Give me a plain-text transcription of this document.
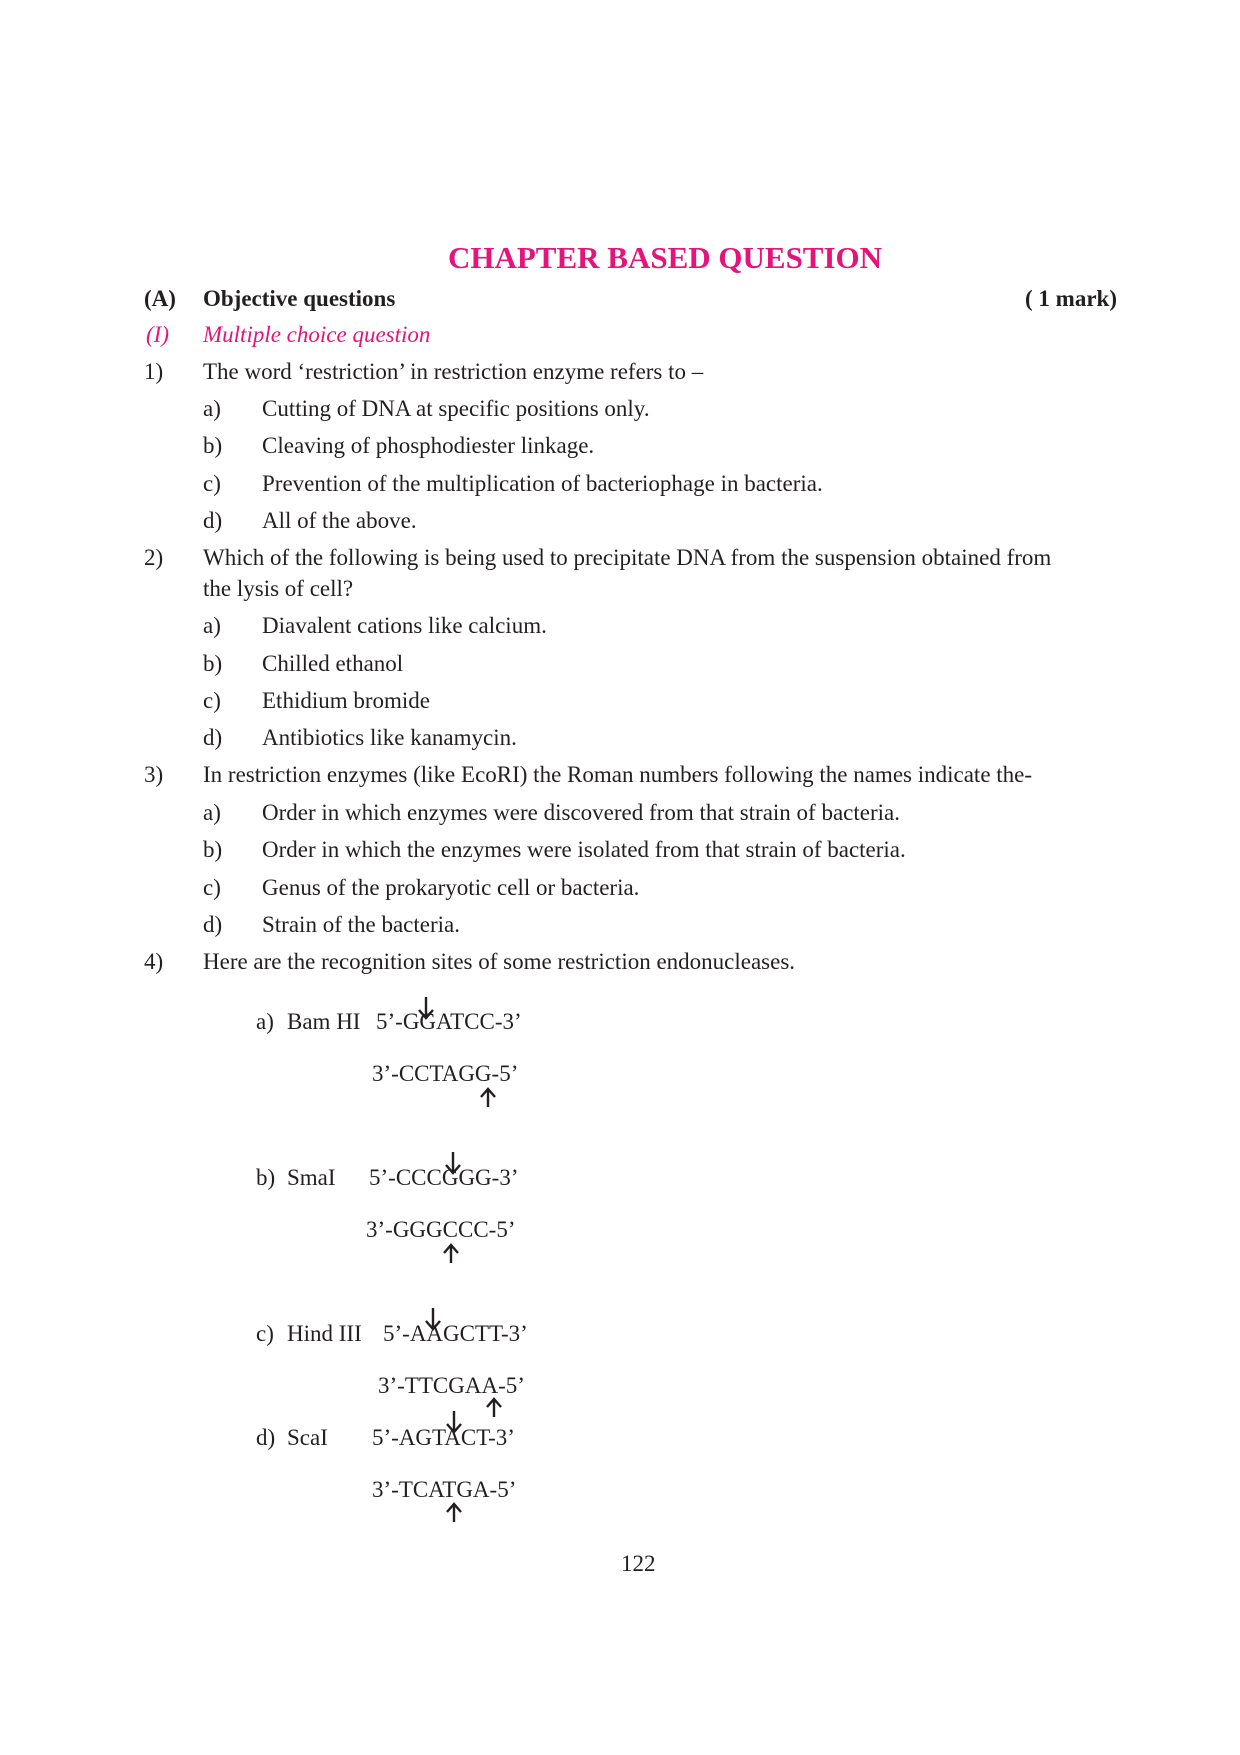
CHAPTER BASED QUESTION
(A) Objective questions	( 1 mark)
(I) Multiple choice question
1) The word ‘restriction’ in restriction enzyme refers to –
a) Cutting of DNA at specific positions only.
b) Cleaving of phosphodiester linkage.
c) Prevention of the multiplication of bacteriophage in bacteria.
d) All of the above.
2) Which of the following is being used to precipitate DNA from the suspension obtained from
the lysis of cell?
a) Diavalent cations like calcium.
b) Chilled ethanol
c) Ethidium bromide
d) Antibiotics like kanamycin.
3) In restriction enzymes (like EcoRI) the Roman numbers following the names indicate the-
a) Order in which enzymes were discovered from that strain of bacteria.
b) Order in which the enzymes were isolated from that strain of bacteria.
c) Genus of the prokaryotic cell or bacteria.
d) Strain of the bacteria.
4) Here are the recognition sites of some restriction endonucleases.
a) Bam HI 5’-GGATCC-3’
3’-CCTAGG-5’
b) SmaI 5’-CCCGGG-3’
3’-GGGCCC-5’
c) Hind III 5’-AAGCTT-3’
3’-TTCGAA-5’
d) ScaI 5’-AGTACT-3’
3’-TCATGA-5’
122
